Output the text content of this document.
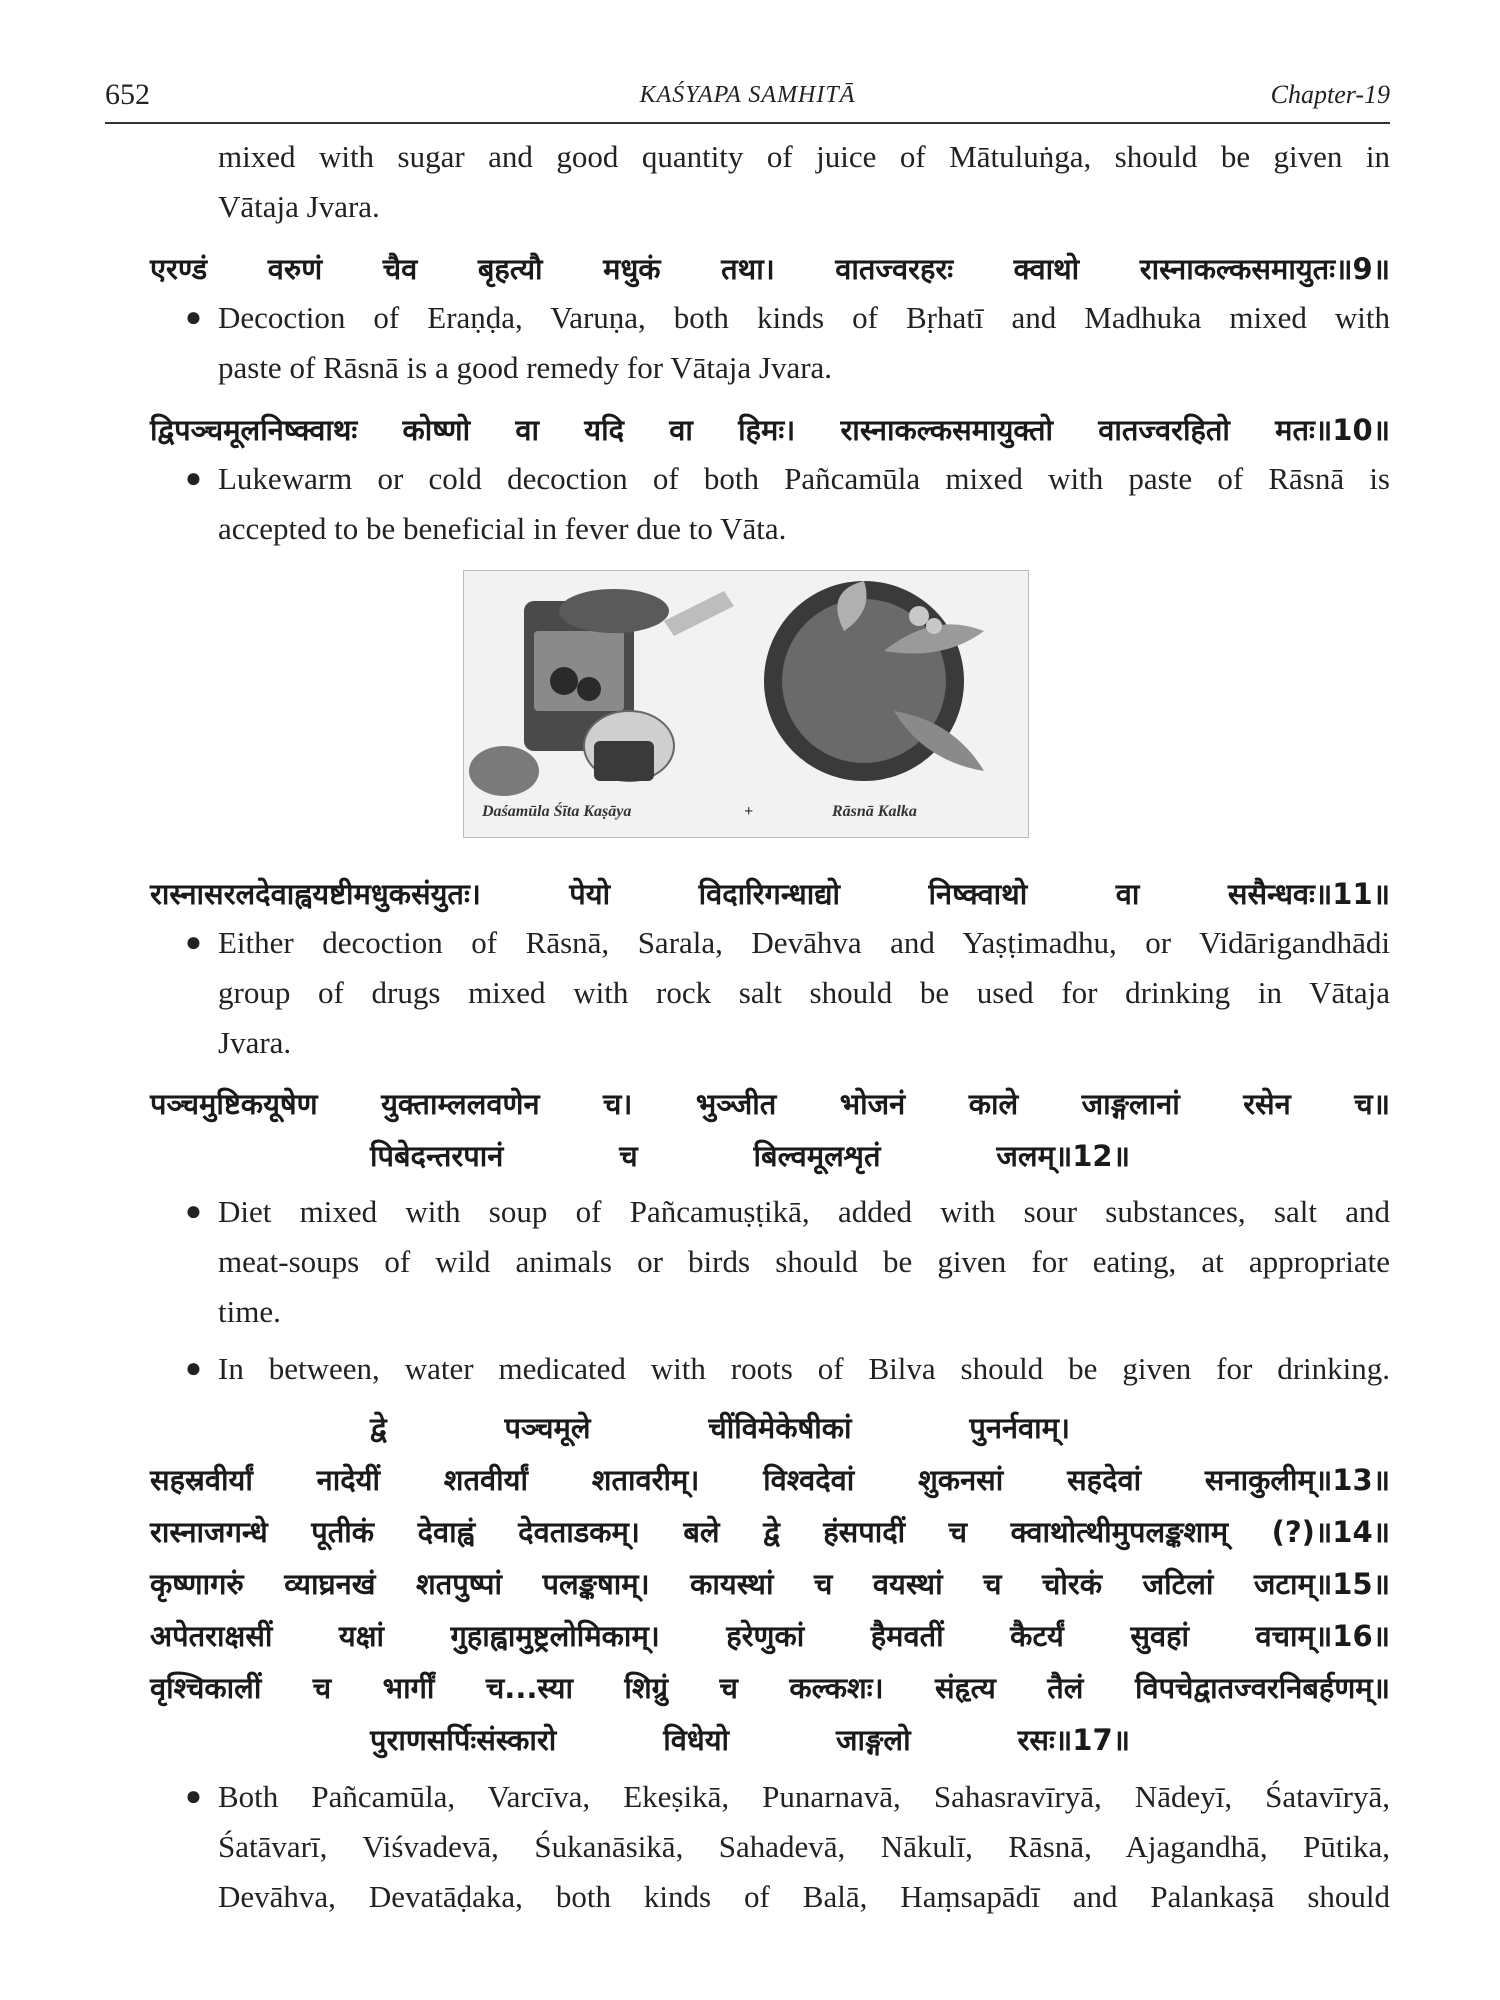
652	KAŚYAPA SAMHITĀ	Chapter-19
mixed with sugar and good quantity of juice of Mātuluṅga, should be given in
Vātaja Jvara.
एरण्डं वरुणं चैव बृहत्यौ मधुकं तथा। वातज्वरहरः क्वाथो रास्नाकल्कसमायुतः॥9॥
● Decoction of Eraṇḍa, Varuṇa, both kinds of Bṛhatī and Madhuka mixed with
paste of Rāsnā is a good remedy for Vātaja Jvara.
द्विपञ्चमूलनिष्क्वाथः कोष्णो वा यदि वा हिमः। रास्नाकल्कसमायुक्तो वातज्वरहितो मतः॥10॥
● Lukewarm or cold decoction of both Pañcamūla mixed with paste of Rāsnā is
accepted to be beneficial in fever due to Vāta.
Daśamūla Śīta Kaṣāya	+	Rāsnā Kalka
रास्नासरलदेवाह्वयष्टीमधुकसंयुतः। पेयो विदारिगन्धाद्यो निष्क्वाथो वा ससैन्धवः॥11॥
● Either decoction of Rāsnā, Sarala, Devāhva and Yaṣṭimadhu, or Vidārigandhādi
group of drugs mixed with rock salt should be used for drinking in Vātaja
Jvara.
पञ्चमुष्टिकयूषेण युक्ताम्ललवणेन च। भुञ्जीत भोजनं काले जाङ्गलानां रसेन च॥
पिबेदन्तरपानं च बिल्वमूलशृतं जलम्॥12॥
● Diet mixed with soup of Pañcamuṣṭikā, added with sour substances, salt and
meat-soups of wild animals or birds should be given for eating, at appropriate
time.
● In between, water medicated with roots of Bilva should be given for drinking.
द्वे पञ्चमूले चींविमेकेषीकां पुनर्नवाम्।
सहस्रवीर्यां नादेयीं शतवीर्यां शतावरीम्। विश्वदेवां शुकनसां सहदेवां सनाकुलीम्॥13॥
रास्नाजगन्धे पूतीकं देवाह्वं देवताडकम्। बले द्वे हंसपादीं च क्वाथोत्थीमुपलङ्कशाम् (?)॥14॥
कृष्णागरुं व्याघ्रनखं शतपुष्पां पलङ्कषाम्। कायस्थां च वयस्थां च चोरकं जटिलां जटाम्॥15॥
अपेतराक्षसीं यक्षां गुहाह्वामुष्ट्रलोमिकाम्। हरेणुकां हैमवतीं कैटर्यं सुवहां वचाम्॥16॥
वृश्चिकालीं च भार्गीं च...स्या शिग्रुं च कल्कशः। संहृत्य तैलं विपचेद्वातज्वरनिबर्हणम्॥
पुराणसर्पिःसंस्कारो विधेयो जाङ्गलो रसः॥17॥
● Both Pañcamūla, Varcīva, Ekeṣikā, Punarnavā, Sahasravīryā, Nādeyī, Śatavīryā,
Śatāvarī, Viśvadevā, Śukanāsikā, Sahadevā, Nākulī, Rāsnā, Ajagandhā, Pūtika,
Devāhva, Devatāḍaka, both kinds of Balā, Haṃsapādī and Palankaṣā should
